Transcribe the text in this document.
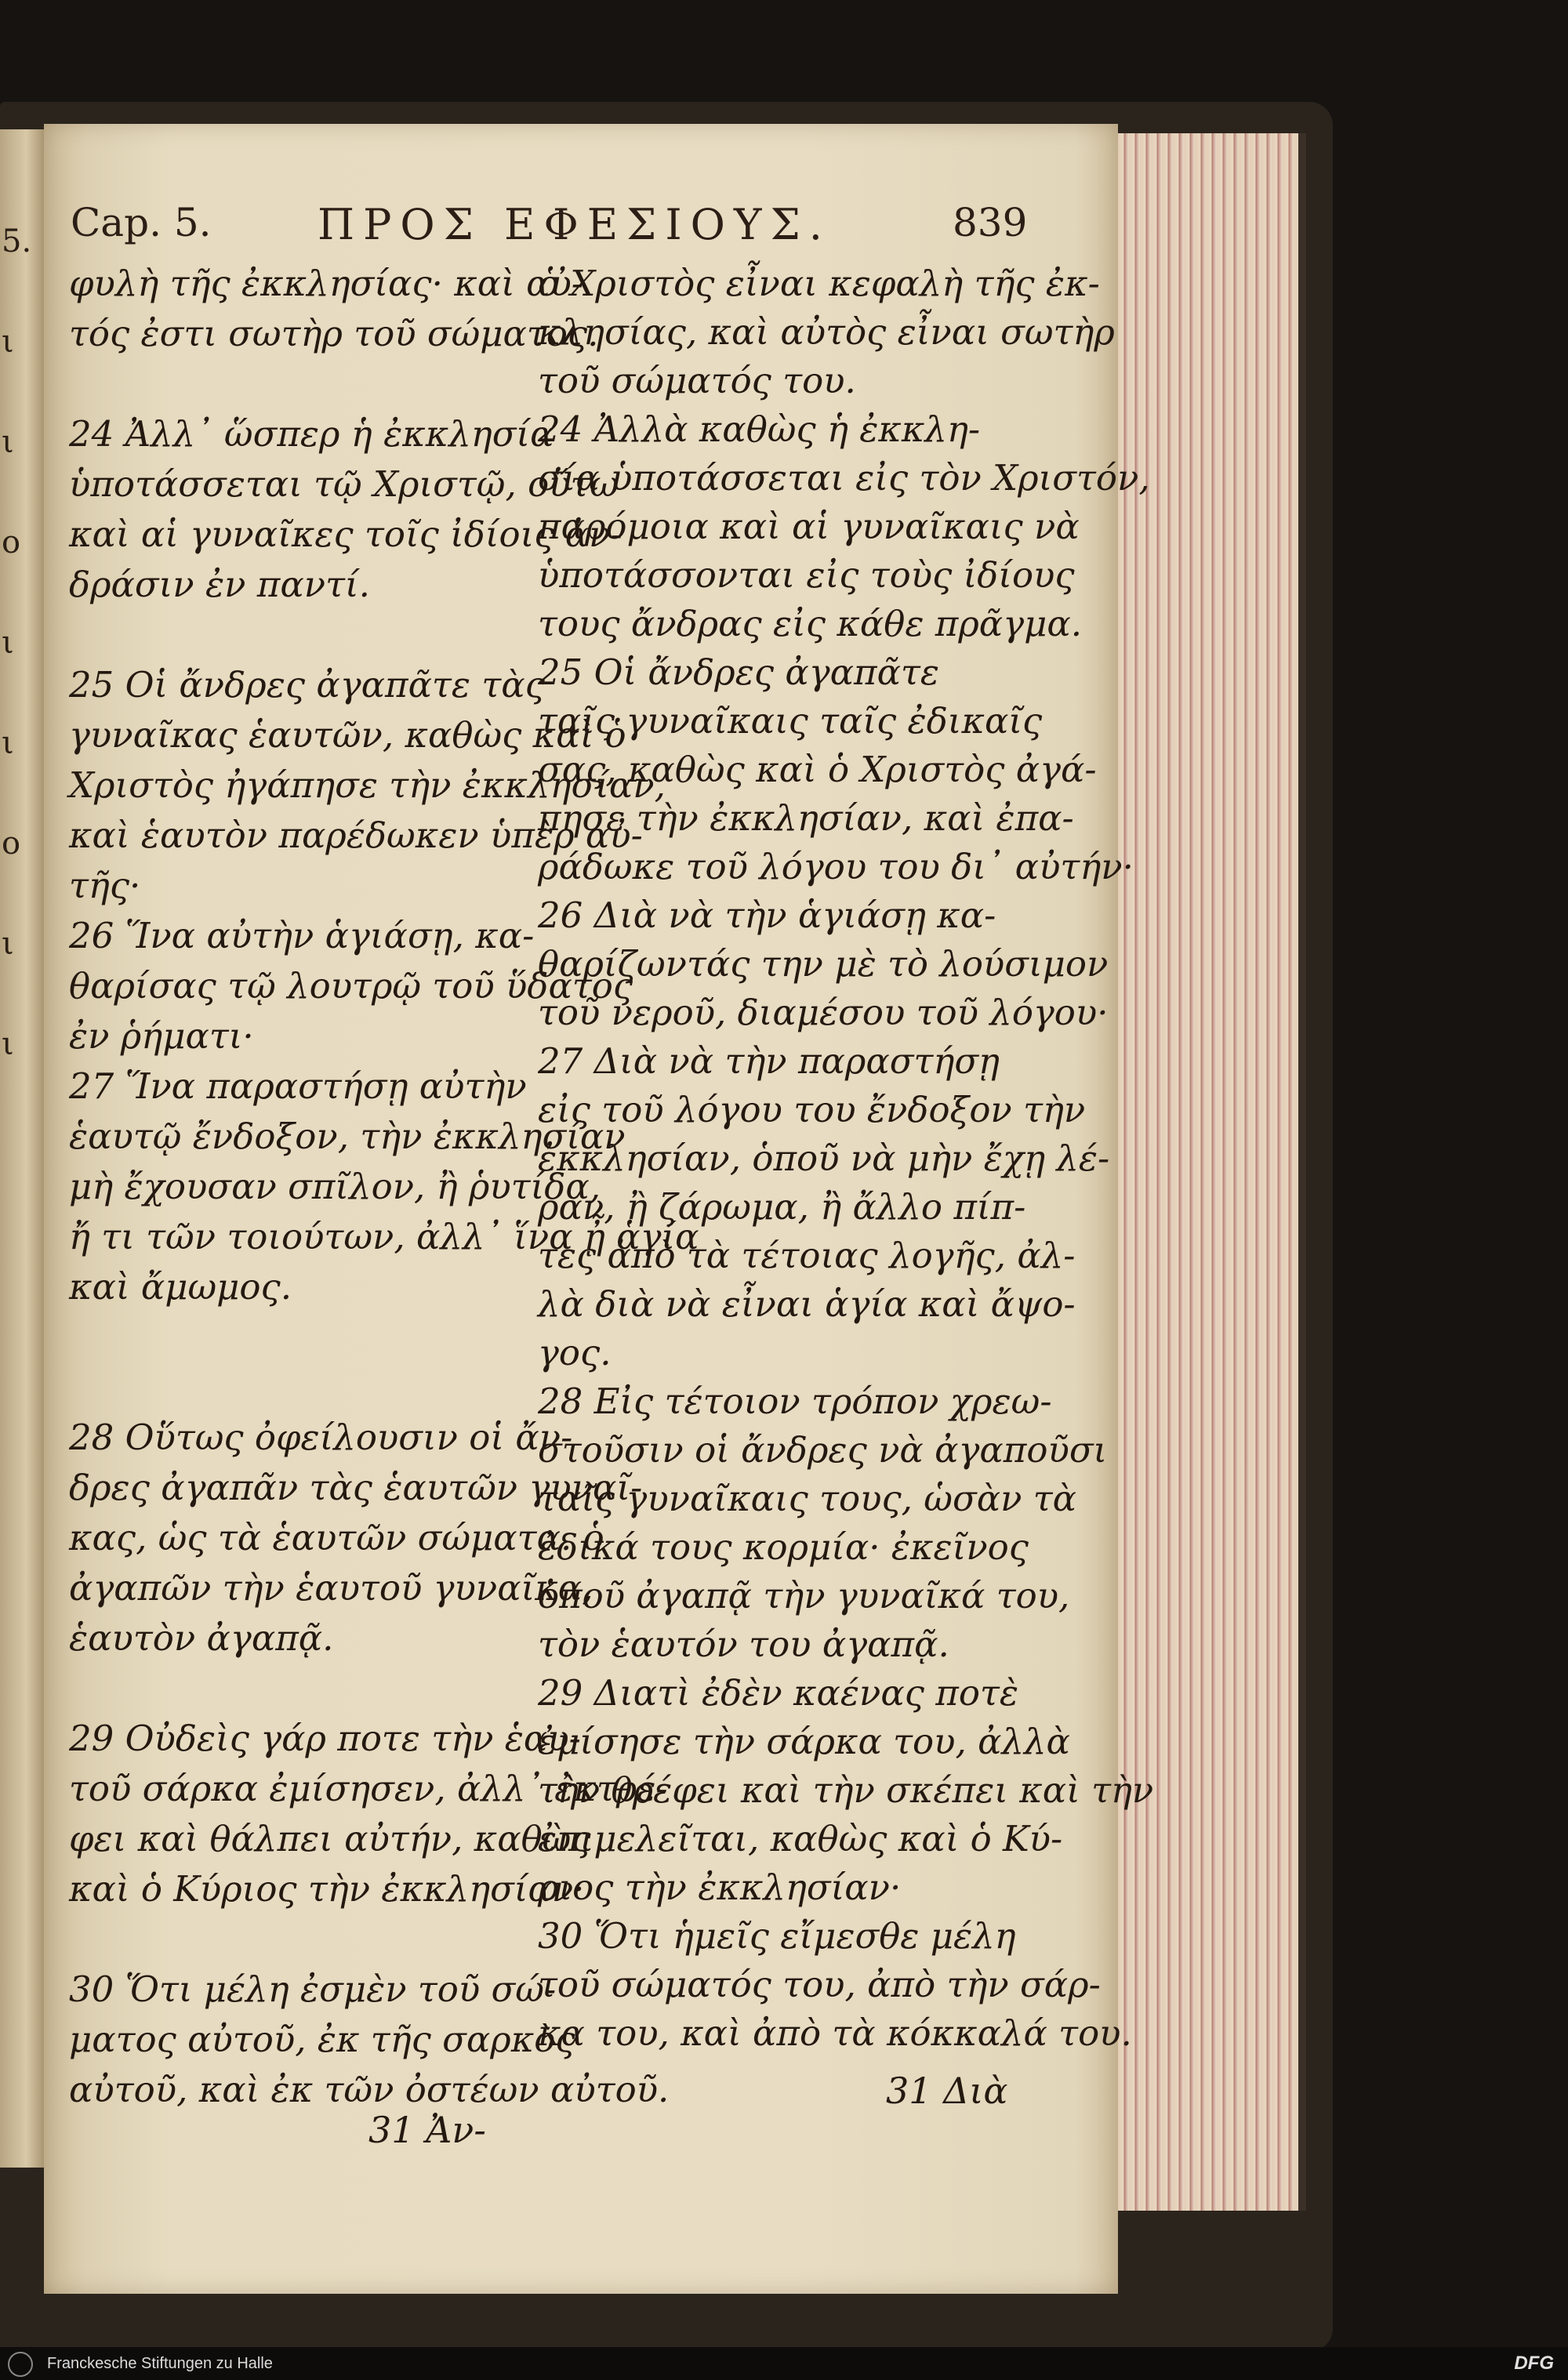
5.
ι
ι
ο
ι
ι
ο
ι
ι
Cap. 5.	ΠΡΟΣ ΕΦΕΣΙΟΥΣ.	839
φυλὴ τῆς ἐκκλησίας· καὶ αὐ-
τός ἐστι σωτὴρ τοῦ σώματος.
24 Ἀλλ᾽ ὥσπερ ἡ ἐκκλησία
ὑποτάσσεται τῷ Χριστῷ, οὕτω
καὶ αἱ γυναῖκες τοῖς ἰδίοις ἀν-
δράσιν ἐν παντί.
25 Οἱ ἄνδρες ἀγαπᾶτε τὰς
γυναῖκας ἑαυτῶν, καθὼς καὶ ὁ
Χριστὸς ἠγάπησε τὴν ἐκκλησίαν,
καὶ ἑαυτὸν παρέδωκεν ὑπὲρ αὐ-
τῆς·
26 Ἵνα αὐτὴν ἁγιάσῃ, κα-
θαρίσας τῷ λουτρῷ τοῦ ὕδατος
ἐν ῥήματι·
27 Ἵνα παραστήσῃ αὐτὴν
ἑαυτῷ ἔνδοξον, τὴν ἐκκλησίαν
μὴ ἔχουσαν σπῖλον, ἢ ῥυτίδα,
ἤ τι τῶν τοιούτων, ἀλλ᾽ ἵνα ᾖ ἁγία
καὶ ἄμωμος.
28 Οὕτως ὀφείλουσιν οἱ ἄν-
δρες ἀγαπᾶν τὰς ἑαυτῶν γυναῖ-
κας, ὡς τὰ ἑαυτῶν σώματα. ὁ
ἀγαπῶν τὴν ἑαυτοῦ γυναῖκα,
ἑαυτὸν ἀγαπᾷ.
29 Οὐδεὶς γάρ ποτε τὴν ἑαυ-
τοῦ σάρκα ἐμίσησεν, ἀλλ᾽ ἐκτρέ-
φει καὶ θάλπει αὐτήν, καθὼς
καὶ ὁ Κύριος τὴν ἐκκλησίαν·
30 Ὅτι μέλη ἐσμὲν τοῦ σώ-
ματος αὐτοῦ, ἐκ τῆς σαρκὸς
αὐτοῦ, καὶ ἐκ τῶν ὀστέων αὐτοῦ.
ὁ Χριστὸς εἶναι κεφαλὴ τῆς ἐκ-
κλησίας, καὶ αὐτὸς εἶναι σωτὴρ
τοῦ σώματός του.
24 Ἀλλὰ καθὼς ἡ ἐκκλη-
σία ὑποτάσσεται εἰς τὸν Χριστόν,
παρόμοια καὶ αἱ γυναῖκαις νὰ
ὑποτάσσονται εἰς τοὺς ἰδίους
τους ἄνδρας εἰς κάθε πρᾶγμα.
25 Οἱ ἄνδρες ἀγαπᾶτε
ταῖς γυναῖκαις ταῖς ἐδικαῖς
σας, καθὼς καὶ ὁ Χριστὸς ἀγά-
πησε τὴν ἐκκλησίαν, καὶ ἐπα-
ράδωκε τοῦ λόγου του δι᾽ αὐτήν·
26 Διὰ νὰ τὴν ἁγιάσῃ κα-
θαρίζωντάς την μὲ τὸ λούσιμον
τοῦ νεροῦ, διαμέσου τοῦ λόγου·
27 Διὰ νὰ τὴν παραστήσῃ
εἰς τοῦ λόγου του ἔνδοξον τὴν
ἐκκλησίαν, ὁποῦ νὰ μὴν ἔχῃ λέ-
ραν, ἢ ζάρωμα, ἢ ἄλλο πίπ-
τες ἀπὸ τὰ τέτοιας λογῆς, ἀλ-
λὰ διὰ νὰ εἶναι ἁγία καὶ ἄψο-
γος.
28 Εἰς τέτοιον τρόπον χρεω-
στοῦσιν οἱ ἄνδρες νὰ ἀγαποῦσι
ταῖς γυναῖκαις τους, ὡσὰν τὰ
ἐδικά τους κορμία· ἐκεῖνος
ὁποῦ ἀγαπᾷ τὴν γυναῖκά του,
τὸν ἑαυτόν του ἀγαπᾷ.
29 Διατὶ ἐδὲν καένας ποτὲ
ἐμίσησε τὴν σάρκα του, ἀλλὰ
τὴν θρέφει καὶ τὴν σκέπει καὶ τὴν
ἐπιμελεῖται, καθὼς καὶ ὁ Κύ-
ριος τὴν ἐκκλησίαν·
30 Ὅτι ἡμεῖς εἴμεσθε μέλη
τοῦ σώματός του, ἀπὸ τὴν σάρ-
κα του, καὶ ἀπὸ τὰ κόκκαλά του.
31 Ἀν-
31 Διὰ
Franckesche Stiftungen zu Halle	DFG
